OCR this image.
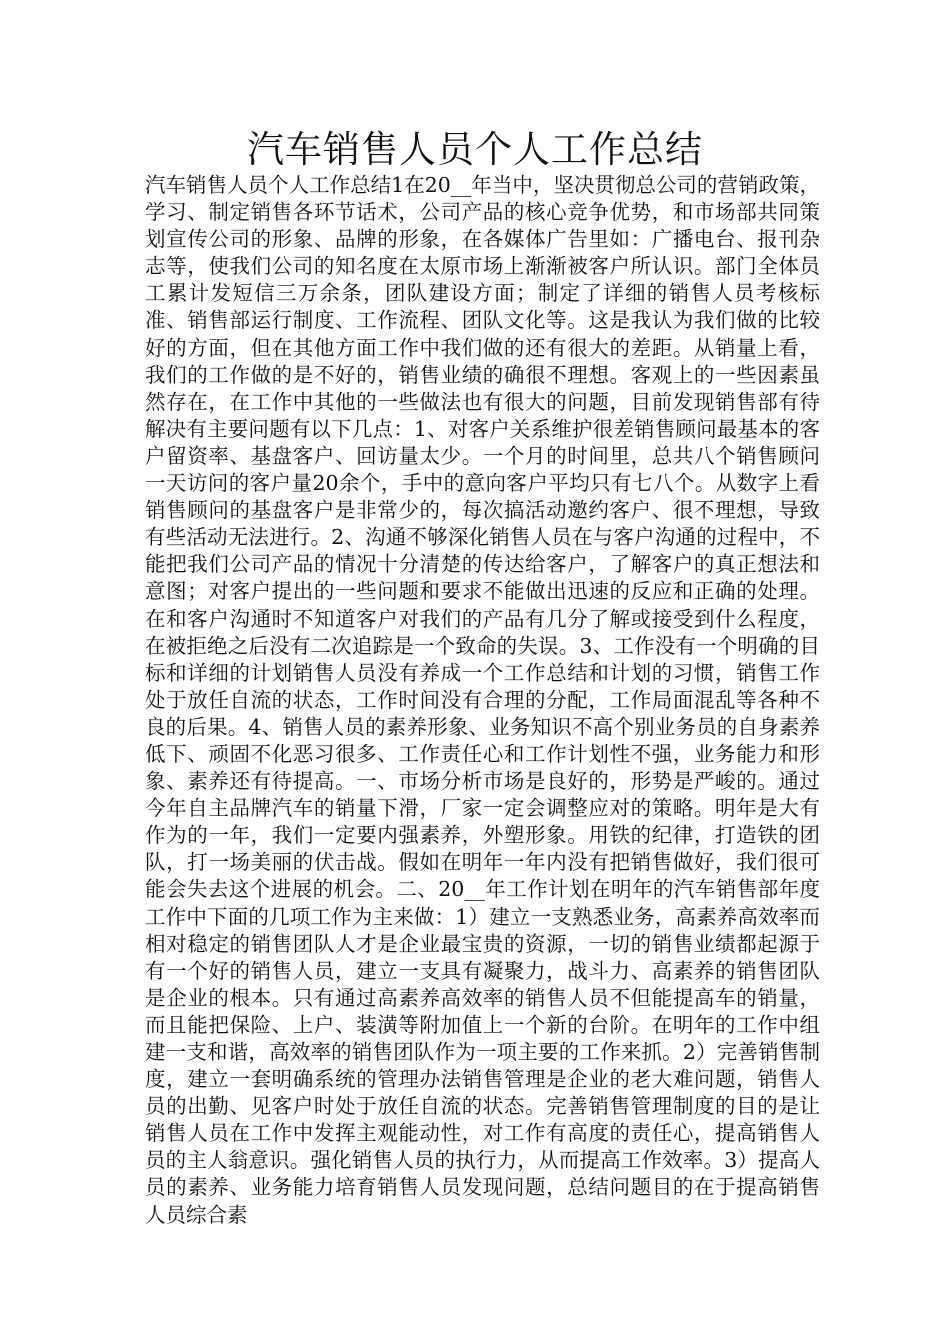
汽车销售人员个人工作总结

汽车销售人员个人工作总结1在20__年当中，坚决贯彻总公司的营销政策，学习、制定销售各环节话术，公司产品的核心竞争优势，和市场部共同策划宣传公司的形象、品牌的形象，在各媒体广告里如：广播电台、报刊杂志等，使我们公司的知名度在太原市场上渐渐被客户所认识。部门全体员工累计发短信三万余条，团队建设方面；制定了详细的销售人员考核标准、销售部运行制度、工作流程、团队文化等。这是我认为我们做的比较好的方面，但在其他方面工作中我们做的还有很大的差距。从销量上看，我们的工作做的是不好的，销售业绩的确很不理想。客观上的一些因素虽然存在，在工作中其他的一些做法也有很大的问题，目前发现销售部有待解决有主要问题有以下几点：1、对客户关系维护很差销售顾问最基本的客户留资率、基盘客户、回访量太少。一个月的时间里，总共八个销售顾问一天访问的客户量20余个，手中的意向客户平均只有七八个。从数字上看销售顾问的基盘客户是非常少的，每次搞活动邀约客户、很不理想，导致有些活动无法进行。2、沟通不够深化销售人员在与客户沟通的过程中，不能把我们公司产品的情况十分清楚的传达给客户，了解客户的真正想法和意图；对客户提出的一些问题和要求不能做出迅速的反应和正确的处理。在和客户沟通时不知道客户对我们的产品有几分了解或接受到什么程度，在被拒绝之后没有二次追踪是一个致命的失误。3、工作没有一个明确的目标和详细的计划销售人员没有养成一个工作总结和计划的习惯，销售工作处于放任自流的状态，工作时间没有合理的分配，工作局面混乱等各种不良的后果。4、销售人员的素养形象、业务知识不高个别业务员的自身素养低下、顽固不化恶习很多、工作责任心和工作计划性不强，业务能力和形象、素养还有待提高。一、市场分析市场是良好的，形势是严峻的。通过今年自主品牌汽车的销量下滑，厂家一定会调整应对的策略。明年是大有作为的一年，我们一定要内强素养，外塑形象。用铁的纪律，打造铁的团队，打一场美丽的伏击战。假如在明年一年内没有把销售做好，我们很可能会失去这个进展的机会。二、20__年工作计划在明年的汽车销售部年度工作中下面的几项工作为主来做：1）建立一支熟悉业务，高素养高效率而相对稳定的销售团队人才是企业最宝贵的资源，一切的销售业绩都起源于有一个好的销售人员，建立一支具有凝聚力，战斗力、高素养的销售团队是企业的根本。只有通过高素养高效率的销售人员不但能提高车的销量，而且能把保险、上户、装潢等附加值上一个新的台阶。在明年的工作中组建一支和谐，高效率的销售团队作为一项主要的工作来抓。2）完善销售制度，建立一套明确系统的管理办法销售管理是企业的老大难问题，销售人员的出勤、见客户时处于放任自流的状态。完善销售管理制度的目的是让销售人员在工作中发挥主观能动性，对工作有高度的责任心，提高销售人员的主人翁意识。强化销售人员的执行力，从而提高工作效率。3）提高人员的素养、业务能力培育销售人员发现问题，总结问题目的在于提高销售人员综合素
